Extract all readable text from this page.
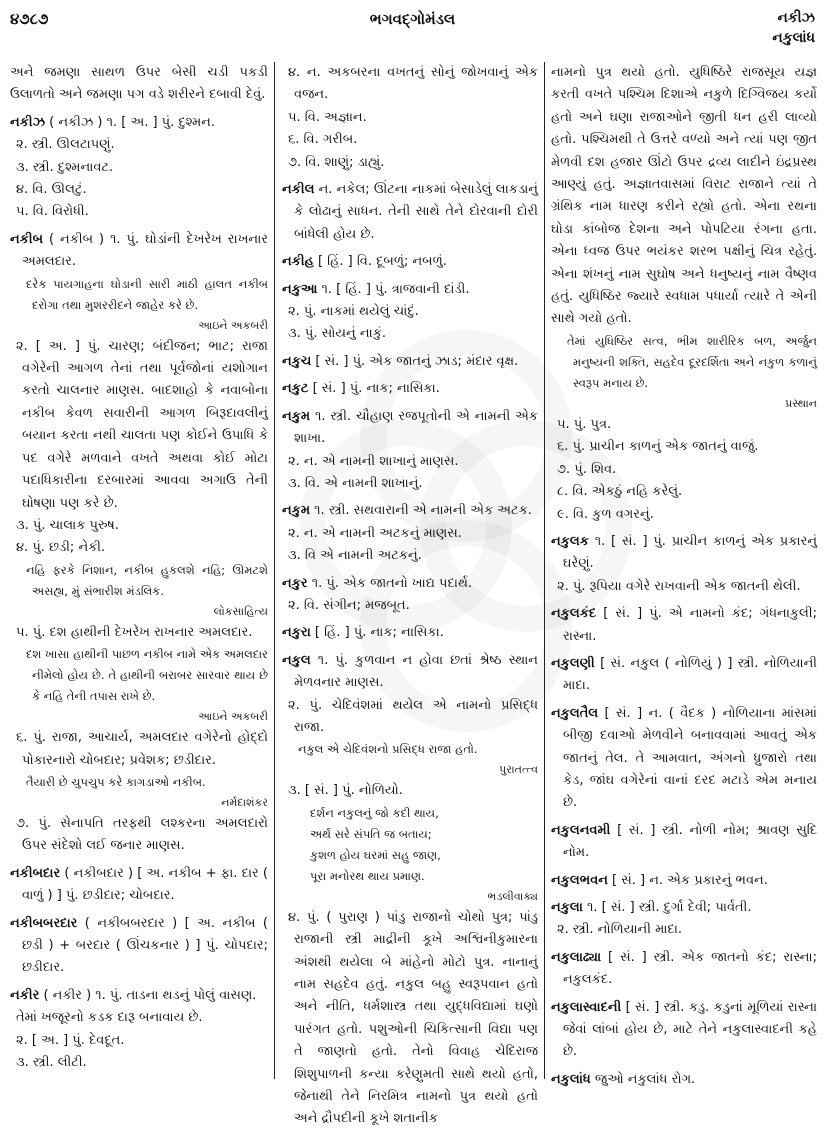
૪૭૮૭	ભગવદ્ગોમંડલ	નકીઝ
નકુલાંધ

અને જમણા સાથળ ઉપર બેસી ચડી પકડી ઉલાળતો અને જમણા પગ વડે શરીરને દબાવી દેવું.

નકીઝ ( નકીઝ ) ૧. [ અ. ] પું. દુશ્મન.

૨. સ્ત્રી. ઊલટાપણું.

૩. સ્ત્રી. દુશ્મનાવટ.

૪. વિ. ઊલટું.

૫. વિ. વિરોધી.

નકીબ ( નકીબ ) ૧. પું. ઘોડાંની દેખરેખ રાખનાર અમલદાર.

દરેક પાયગાહના ઘોડાની સારી માઠી હાલત નકીબ દરોગા તથા મુશરરીદને જાહેર કરે છે.

આઇને અકબરી

૨. [ અ. ] પું. ચારણ; બંદીજન; ભાટ; રાજા વગેરેની આગળ તેનાં તથા પૂર્વજોનાં યશોગાન કરતો ચાલનાર માણસ. બાદશાહો કે નવાબોના નકીબ કેવળ સવારીની આગળ બિરૂદાવલીનું બયાન કરતા નથી ચાલતા પણ કોઈને ઉપાધિ કે પદ વગેરે મળવાને વખતે અથવા કોઈ મોટા પદાધિકારીના દરબારમાં આવવા અગાઉ તેની ઘોષણા પણ કરે છે.

૩. પું. ચાલાક પુરુષ.

૪. પું. છડી; નેકી.

નહિ ફરકે નિશાન, નકીબ હુકલશે નહિ; ઊમટશે અસહ્ય, મું સંભારીશ મંડલિક.

લોકસાહિત્ય

૫. પું. દશ હાથીની દેખરેખ રાખનાર અમલદાર.

દશ ખાસા હાથીની પાછળ નકીબ નામે એક અમલદાર નીમેલો હોય છે. તે હાથીની બરાબર સારવાર થાય છે કે નહિ તેની તપાસ રાખે છે.

આઇને અકબરી

૬. પું. રાજા, આચાર્ય, અમલદાર વગેરેનો હોદ્દો પોકારનારો ચોબદાર; પ્રવેશક; છડીદાર.

તૈયારી છે ચુપચુપ કરે કાગડાઓ નકીબ.

નર્મદાશંકર

૭. પું. સેનાપતિ તરફથી લશ્કરના અમલદારો ઉપર સંદેશો લઈ જનાર માણસ.

નકીબદાર ( નકીબદાર ) [ અ. નકીબ + ફા. દાર ( વાળું ) ] પું. છડીદાર; ચોબદાર.

નકીબબરદાર ( નકીબબરદાર ) [ અ. નકીબ ( છડી ) + બરદાર ( ઊંચકનાર ) ] પું. ચોપદાર; છડીદાર.

નકીર ( નકીર ) ૧. પું. તાડના થડનું પોલું વાસણ.

તેમાં ખજૂરનો કડક દારૂ બનાવાય છે.

૨. [ અ. ] પું. દેવદૂત.

૩. સ્ત્રી. લીટી.

૪. ન. અકબરના વખતનું સોનું જોખવાનું એક વજન.

૫. વિ. અજ્ઞાન.

૬. વિ. ગરીબ.

૭. વિ. શાણું; ડાહ્યું.

નકીલ ન. નકેલ; ઊંટના નાકમાં બેસાડેલું લાકડાનું કે લોઢાનું સાધન. તેની સાથે તેને દોરવાની દોરી બાંધેલી હોય છે.

નકીહ [ હિં. ] વિ. દૂબળું; નબળું.

નકુઆ ૧. [ હિં. ] પું. ત્રાજવાની દાંડી.

૨. પું. નાકમાં થયેલું ચાંદું.

૩. પું. સોયનું નાકું.

નકુચ [ સં. ] પું. એક જાતનું ઝાડ; મંદાર વૃક્ષ.

નકુટ [ સં. ] પું. નાક; નાસિકા.

નકુમ ૧. સ્ત્રી. ચૌહાણ રજપૂતોની એ નામની એક શાખા.

૨. ન. એ નામની શાખાનું માણસ.

૩. વિ. એ નામની શાખાનું.

નકુમ ૧. સ્ત્રી. સથવારાની એ નામની એક અટક.

૨. ન. એ નામની અટકનું માણસ.

૩. વિ એ નામની અટકનું.

નકુર ૧. પું. એક જાતનો ખાદ્ય પદાર્થ.

૨. વિ. સંગીન; મજબૂત.

નકુરા [ હિં. ] પું. નાક; નાસિકા.

નકુલ ૧. પું. કુળવાન ન હોવા છતાં શ્રેષ્ઠ સ્થાન મેળવનાર માણસ.

૨. પું. ચેદિવંશમાં થયેલ એ નામનો પ્રસિદ્ધ રાજા.

નકુલ એ ચેદિવંશનો પ્રસિદ્ધ રાજા હતો.

પુરાતત્ત્વ

૩. [ સં. ] પું. નોળિયો.

દર્શન નકુલનું જો કદી થાય,

અર્થ સરે સંપતિ જ બતાય;

કુશળ હોય ઘરમાં સહુ જાણ,

પૂરા મનોરથ થાય પ્રમાણ.

ભડલીવાક્ય

૪. પું. ( પુરાણ ) પાંડુ રાજાનો ચોથો પુત્ર; પાંડુ રાજાની સ્ત્રી માદ્રીની કૂખે અશ્વિનીકુમારના અંશથી થયેલા બે માંહેનો મોટો પુત્ર. નાનાનું નામ સહદેવ હતું. નકુલ બહુ સ્વરૂપવાન હતો અને નીતિ, ધર્મશાસ્ત્ર તથા યુદ્ધવિદ્યામાં ઘણો પારંગત હતો. પશુઓની ચિકિત્સાની વિદ્યા પણ તે જાણતો હતો. તેનો વિવાહ ચેદિરાજ શિશુપાળની કન્યા કરેણુમતી સાથે થયો હતો, જેનાથી તેને નિરમિત્ર નામનો પુત્ર થયો હતો અને દ્રૌપદીની કૂખે શતાનીક

નામનો પુત્ર થયો હતો. યુધિષ્ઠિરે રાજસૂય યજ્ઞ કરતી વખતે પશ્ચિમ દિશાએ નકુળે દિગ્વિજય કર્યો હતો અને ઘણા રાજાઓને જીતી ધન હરી લાવ્યો હતો. પશ્ચિમથી તે ઉત્તરે વળ્યો અને ત્યાં પણ જીત મેળવી દશ હજાર ઊંટો ઉપર દ્રવ્ય લાદીને ઇંદ્રપ્રસ્થ આણ્યું હતું. અજ્ઞાતવાસમાં વિરાટ રાજાને ત્યાં તે ગ્રંથિક નામ ધારણ કરીને રહ્યો હતો. એના રથના ઘોડા કાંબોજ દેશના અને પોપટિયા રંગના હતા. એના ધ્વજ ઉપર ભયંકર શરભ પક્ષીનું ચિત્ર રહેતું. એના શંખનું નામ સુઘોષ અને ધનુષ્યનું નામ વૈષ્ણવ હતું. યુધિષ્ઠિર જ્યારે સ્વધામ પધાર્યા ત્યારે તે એની સાથે ગયો હતો.

તેમાં યુધિષ્ઠિર સત્વ, ભીમ શારીરિક બળ, અર્જુન મનુષ્યની શક્તિ, સહદેવ દૂરદર્શિતા અને નકુળ કળાનું સ્વરૂપ મનાય છે.

પ્રસ્થાન

૫. પું. પુત્ર.

૬. પું. પ્રાચીન કાળનું એક જાતનું વાજું.

૭. પું. શિવ.

૮. વિ. એકઠું નહિ કરેલું.

૯. વિ. કુળ વગરનું.

નકુલક ૧. [ સં. ] પું. પ્રાચીન કાળનું એક પ્રકારનું ઘરેણું.

૨. પું. રૂપિયા વગેરે રાખવાની એક જાતની થેલી.

નકુલકંદ [ સં. ] પું. એ નામનો કંદ; ગંધનાકુલી; રાસ્ના.

નકુલણી [ સં. નકુલ ( નોળિયું ) ] સ્ત્રી. નોળિયાની માદા.

નકુલતૈલ [ સં. ] ન. ( વૈદક ) નોળિયાના માંસમાં બીજી દવાઓ મેળવીને બનાવવામાં આવતું એક જાતનું તેલ. તે આમવાત, અંગનો ધ્રુજારો તથા કેડ, જાંઘ વગેરેનાં વાનાં દરદ મટાડે એમ મનાય છે.

નકુલનવમી [ સં. ] સ્ત્રી. નોળી નોમ; શ્રાવણ સુદિ નોમ.

નકુલભવન [ સં. ] ન. એક પ્રકારનું ભવન.

નકુલા ૧. [ સં. ] સ્ત્રી. દુર્ગા દેવી; પાર્વતી.

૨. સ્ત્રી. નોળિયાની માદા.

નકુલાઢ્યા [ સં. ] સ્ત્રી. એક જાતનો કંદ; રાસ્ના; નકુલકંદ.

નકુલાસ્વાદની [ સં. ] સ્ત્રી. કડુ. કડુનાં મૂળિયાં રાસ્ના જેવાં લાંબાં હોય છે, માટે તેને નકુલાસ્વાદની કહે છે.

નકુલાંધ જુઓ નકુલાંધ રોગ.
